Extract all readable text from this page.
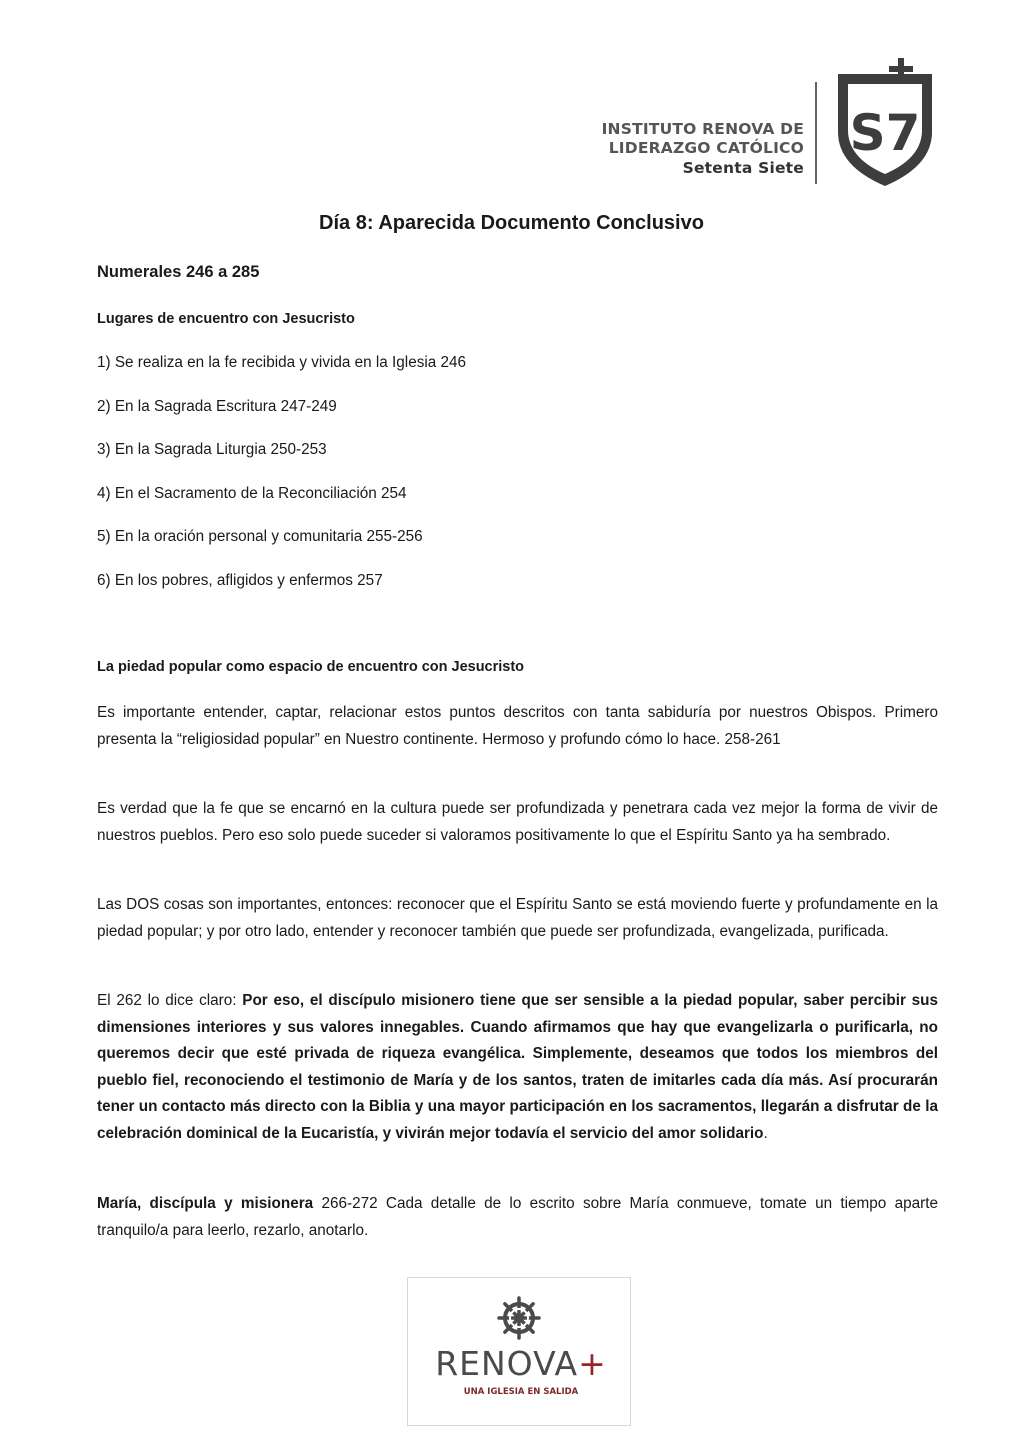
INSTITUTO RENOVA DE
LIDERAZGO CATÓLICO
Setenta Siete
S7
Día 8: Aparecida Documento Conclusivo
Numerales 246 a 285
Lugares de encuentro con Jesucristo
1) Se realiza en la fe recibida y vivida en la Iglesia 246
2) En la Sagrada Escritura 247-249
3) En la Sagrada Liturgia 250-253
4) En el Sacramento de la Reconciliación 254
5) En la oración personal y comunitaria 255-256
6) En los pobres, afligidos y enfermos 257
La piedad popular como espacio de encuentro con Jesucristo
Es importante entender, captar, relacionar estos puntos descritos con tanta sabiduría por nuestros Obispos. Primero presenta la “religiosidad popular” en Nuestro continente. Hermoso y profundo cómo lo hace. 258-261
Es verdad que la fe que se encarnó en la cultura puede ser profundizada y penetrara cada vez mejor la forma de vivir de nuestros pueblos. Pero eso solo puede suceder si valoramos positivamente lo que el Espíritu Santo ya ha sembrado.
Las DOS cosas son importantes, entonces: reconocer que el Espíritu Santo se está moviendo fuerte y profundamente en la piedad popular; y por otro lado, entender y reconocer también que puede ser profundizada, evangelizada, purificada.
El 262 lo dice claro: Por eso, el discípulo misionero tiene que ser sensible a la piedad popular, saber percibir sus dimensiones interiores y sus valores innegables. Cuando afirmamos que hay que evangelizarla o purificarla, no queremos decir que esté privada de riqueza evangélica. Simplemente, deseamos que todos los miembros del pueblo fiel, reconociendo el testimonio de María y de los santos, traten de imitarles cada día más. Así procurarán tener un contacto más directo con la Biblia y una mayor participación en los sacramentos, llegarán a disfrutar de la celebración dominical de la Eucaristía, y vivirán mejor todavía el servicio del amor solidario.
María, discípula y misionera 266-272 Cada detalle de lo escrito sobre María conmueve, tomate un tiempo aparte tranquilo/a para leerlo, rezarlo, anotarlo.
RENOVA+
UNA IGLESIA EN SALIDA
